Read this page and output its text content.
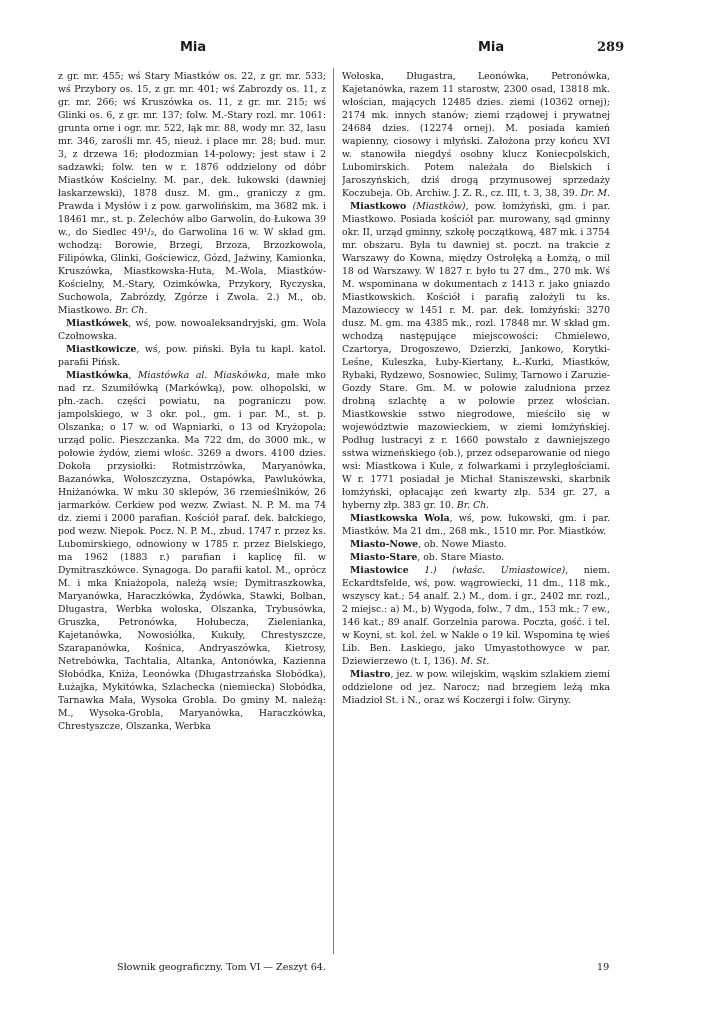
Mia	Mia	289

z gr. mr. 455; wś Stary Miastków os. 22, z gr. mr. 533; wś Przybory os. 15, z gr. mr. 401; wś Zabrozdy os. 11, z gr. mr. 266; wś Kruszówka os. 11, z gr. mr. 215; wś Glinki os. 6, z gr. mr. 137; folw. M.-Stary rozl. mr. 1061: grunta orne i ogr. mr. 522, łąk mr. 88, wody mr. 32, lasu mr. 346, zarośli mr. 45, nieuż. i place mr. 28; bud. mur. 3, z drzewa 16; płodozmian 14-polowy; jest staw i 2 sadzawki; folw. ten w r. 1876 oddzielony od dóbr Miastków Kościelny. M. par., dek. łukowski (dawniej łaskarzewski), 1878 dusz. M. gm., graniczy z gm. Prawda i Mysłów i z pow. garwolińskim, ma 3682 mk. i 18461 mr., st. p. Żelechów albo Garwolin, do Łukowa 39 w., do Siedlec 49¹/₂, do Garwolina 16 w. W skład gm. wchodzą: Borowie, Brzegi, Brzoza, Brzozkowola, Filipówka, Glinki, Gościewicz, Gózd, Jaźwiny, Kamionka, Kruszówka, Miastkowska-Huta, M.-Wola, Miastków-Kościelny, M.-Stary, Ozimkówka, Przykory, Ryczyska, Suchowola, Zabrózdy, Zgórze i Zwola. 2.) M., ob. Miastkowo. Br. Ch.

Miastkówek, wś, pow. nowoaleksandryjski, gm. Wola Czołnowska.

Miastkowicze, wś, pow. piński. Była tu kapl. katol. parafii Pińsk.

Miastkówka, Miastówka al. Miaskówka, małe mko nad rz. Szumiłówką (Markówką), pow. olhopolski, w płn.-zach. części powiatu, na pograniczu pow. jampolskiego, w 3 okr. pol., gm. i par. M., st. p. Olszanka; o 17 w. od Wapniarki, o 13 od Kryżopola; urząd polic. Pieszczanka. Ma 722 dm, do 3000 mk., w połowie żydów, ziemi włośc. 3269 a dwors. 4100 dzies. Dokoła przysiołki: Rotmistrzówka, Maryanówka, Bazanówka, Wołoszczyzna, Ostapówka, Pawlukówka, Hniżanówka. W mku 30 sklepów, 36 rzemieślników, 26 jarmarków. Cerkiew pod wezw. Zwiast. N. P. M. ma 74 dz. ziemi i 2000 parafian. Kościół paraf. dek. bałckiego, pod wezw. Niepok. Pocz. N. P. M., zbud. 1747 r. przez ks. Lubomirskiego, odnowiony w 1785 r. przez Bielskiego, ma 1962 (1883 r.) parafian i kaplicę fil. w Dymitraszkówce. Synagoga. Do parafii katol. M., oprócz M. i mka Kniażopola, należą wsie; Dymitraszkowka, Maryanówka, Haraczkówka, Żydówka, Stawki, Bołban, Długastra, Werbka wołoska, Olszanka, Trybusówka, Gruszka, Petronówka, Hołubecza, Zielenianka, Kajetanówka, Nowosiółka, Kukuły, Chrestyszcze, Szarapanówka, Kośnica, Andryaszówka, Kietrosy, Netrebówka, Tachtalia, Altanka, Antonówka, Kazienna Słobódka, Kniża, Leonówka (Długastrzańska Słobódka), Łużajka, Mykitówka, Szlachecka (niemiecka) Słobódka, Tarnawka Mała, Wysoka Grobla. Do gminy M. należą: M., Wysoka-Grobla, Maryanówka, Haraczkówka, Chrestyszcze, Olszanka, Werbka

Wołoska, Długastra, Leonówka, Petronówka, Kajetanówka, razem 11 starostw, 2300 osad, 13818 mk. włościan, mających 12485 dzies. ziemi (10362 ornej); 2174 mk. innych stanów; ziemi rządowej i prywatnej 24684 dzies. (12274 ornej). M. posiada kamień wapienny, ciosowy i młyński. Założona przy końcu XVI w. stanowiła niegdyś osobny klucz Koniecpolskich, Lubomirskich. Potem należała do Bielskich i Jaroszyńskich, dziś drogą przymusowej sprzedaży Koczubeja. Ob. Archiw. J. Z. R., cz. III, t. 3, 38, 39. Dr. M.

Miastkowo (Miastków), pow. łomżyński, gm. i par. Miastkowo. Posiada kościół par. murowany, sąd gminny okr. II, urząd gminny, szkołę początkową, 487 mk. i 3754 mr. obszaru. Była tu dawniej st. poczt. na trakcie z Warszawy do Kowna, między Ostrołęką a Łomżą, o mil 18 od Warszawy. W 1827 r. było tu 27 dm., 270 mk. Wś M. wspominana w dokumentach z 1413 r. jako gniazdo Miastkowskich. Kościół i parafią założyli tu ks. Mazowieccy w 1451 r. M. par. dek. łomżyński: 3270 dusz. M. gm. ma 4385 mk., rozl. 17848 mr. W skład gm. wchodzą następujące miejscowości: Chmielewo, Czartorya, Drogoszewo, Dzierzki, Jankowo, Korytki-Leśne, Kuleszka, Łuby-Kiertany, Ł.-Kurki, Miastków, Rybaki, Rydzewo, Sosnowiec, Sulimy, Tarnowo i Zaruzie-Gozdy Stare. Gm. M. w połowie zaludniona przez drobną szlachtę a w połowie przez włościan. Miastkowskie sstwo niegrodowe, mieściło się w województwie mazowieckiem, w ziemi łomżyńskiej. Podług lustracyi z r. 1660 powstało z dawniejszego sstwa wizneńskiego (ob.), przez odseparowanie od niego wsi: Miastkowa i Kule, z folwarkami i przyległościami. W r. 1771 posiadał je Michał Staniszewski, skarbnik łomżyński, opłacając zeń kwarty złp. 534 gr. 27, a hyberny złp. 383 gr. 10. Br. Ch.

Miastkowska Wola, wś, pow. łukowski, gm. i par. Miastków. Ma 21 dm., 268 mk., 1510 mr. Por. Miastków.

Miasto-Nowe, ob. Nowe Miasto.

Miasto-Stare, ob. Stare Miasto.

Miastowice 1.) (właśc. Umiastowice), niem. Eckardtsfelde, wś, pow. wągrowiecki, 11 dm., 118 mk., wszyscy kat.; 54 analf. 2.) M., dom. i gr., 2402 mr. rozl., 2 miejsc.: a) M., b) Wygoda, folw., 7 dm., 153 mk.; 7 ew., 146 kat.; 89 analf. Gorzelnia parowa. Poczta, gość. i tel. w Koyni, st. kol. żel. w Nakle o 19 kil. Wspomina tę wieś Lib. Ben. Łaskiego, jako Umyastothowyce w par. Dziewierzewo (t. I, 136). M. St.

Miastro, jez. w pow. wilejskim, wąskim szlakiem ziemi oddzielone od jez. Narocz; nad brzegiem leżą mka Miadzioł St. i N., oraz wś Koczergi i folw. Giryny.

Słownik geograficzny. Tom VI — Zeszyt 64.	19
